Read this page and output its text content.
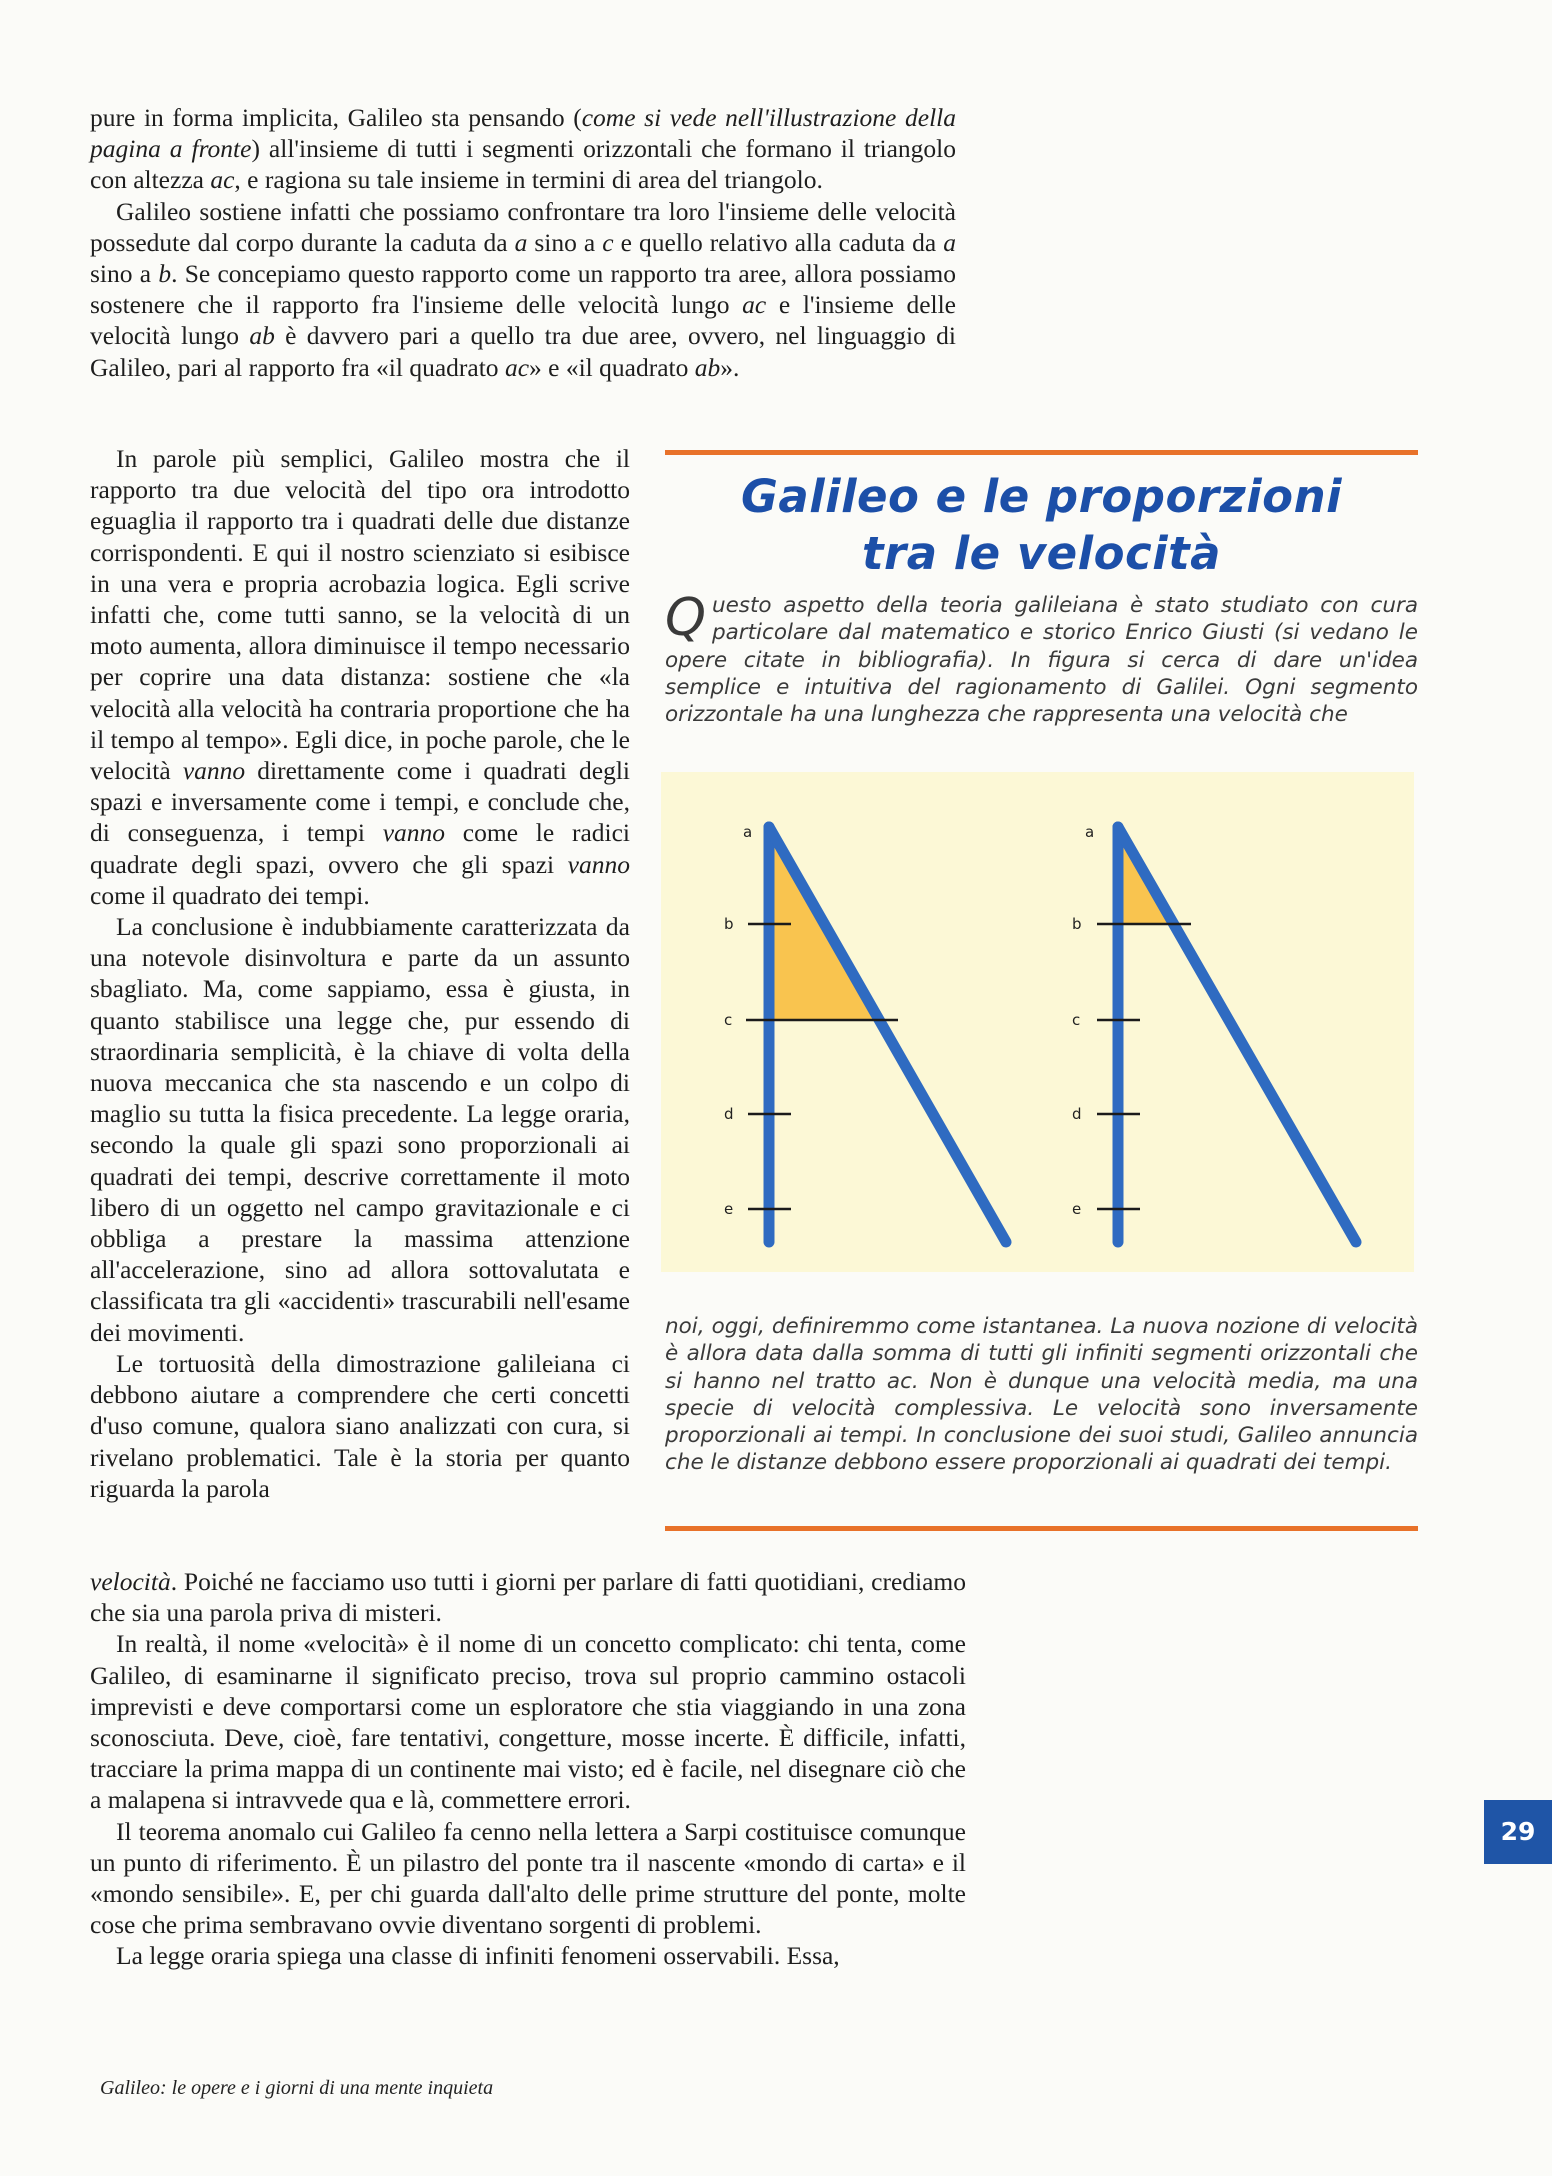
pure in forma implicita, Galileo sta pensando (come si vede nell'illustrazione della pagina a fronte) all'insieme di tutti i segmenti orizzontali che formano il triangolo con altezza ac, e ragiona su tale insieme in termini di area del triangolo.

Galileo sostiene infatti che possiamo confrontare tra loro l'insieme delle velocità possedute dal corpo durante la caduta da a sino a c e quello relativo alla caduta da a sino a b. Se concepiamo questo rapporto come un rapporto tra aree, allora possiamo sostenere che il rapporto fra l'insieme delle velocità lungo ac e l'insieme delle velocità lungo ab è davvero pari a quello tra due aree, ovvero, nel linguaggio di Galileo, pari al rapporto fra «il quadrato ac» e «il quadrato ab».

In parole più semplici, Galileo mostra che il rapporto tra due velocità del tipo ora introdotto eguaglia il rapporto tra i quadrati delle due distanze corrispondenti. E qui il nostro scienziato si esibisce in una vera e propria acrobazia logica. Egli scrive infatti che, come tutti sanno, se la velocità di un moto aumenta, allora diminuisce il tempo necessario per coprire una data distanza: sostiene che «la velocità alla velocità ha contraria proportione che ha il tempo al tempo». Egli dice, in poche parole, che le velocità vanno direttamente come i quadrati degli spazi e inversamente come i tempi, e conclude che, di conseguenza, i tempi vanno come le radici quadrate degli spazi, ovvero che gli spazi vanno come il quadrato dei tempi.

La conclusione è indubbiamente caratterizzata da una notevole disinvoltura e parte da un assunto sbagliato. Ma, come sappiamo, essa è giusta, in quanto stabilisce una legge che, pur essendo di straordinaria semplicità, è la chiave di volta della nuova meccanica che sta nascendo e un colpo di maglio su tutta la fisica precedente. La legge oraria, secondo la quale gli spazi sono proporzionali ai quadrati dei tempi, descrive correttamente il moto libero di un oggetto nel campo gravitazionale e ci obbliga a prestare la massima attenzione all'accelerazione, sino ad allora sottovalutata e classificata tra gli «accidenti» trascurabili nell'esame dei movimenti.

Le tortuosità della dimostrazione galileiana ci debbono aiutare a comprendere che certi concetti d'uso comune, qualora siano analizzati con cura, si rivelano problematici. Tale è la storia per quanto riguarda la parola

velocità. Poiché ne facciamo uso tutti i giorni per parlare di fatti quotidiani, crediamo che sia una parola priva di misteri.

In realtà, il nome «velocità» è il nome di un concetto complicato: chi tenta, come Galileo, di esaminarne il significato preciso, trova sul proprio cammino ostacoli imprevisti e deve comportarsi come un esploratore che stia viaggiando in una zona sconosciuta. Deve, cioè, fare tentativi, congetture, mosse incerte. È difficile, infatti, tracciare la prima mappa di un continente mai visto; ed è facile, nel disegnare ciò che a malapena si intravvede qua e là, commettere errori.

Il teorema anomalo cui Galileo fa cenno nella lettera a Sarpi costituisce comunque un punto di riferimento. È un pilastro del ponte tra il nascente «mondo di carta» e il «mondo sensibile». E, per chi guarda dall'alto delle prime strutture del ponte, molte cose che prima sembravano ovvie diventano sorgenti di problemi.

La legge oraria spiega una classe di infiniti fenomeni osservabili. Essa,

Galileo e le proporzioni
tra le velocità
Questo aspetto della teoria galileiana è stato studiato con cura particolare dal matematico e storico Enrico Giusti (si vedano le opere citate in bibliografia). In figura si cerca di dare un'idea semplice e intuitiva del ragionamento di Galilei. Ogni segmento orizzontale ha una lunghezza che rappresenta una velocità che
a
b
c
d
e
a
b
c
d
e
noi, oggi, definiremmo come istantanea. La nuova nozione di velocità è allora data dalla somma di tutti gli infiniti segmenti orizzontali che si hanno nel tratto ac. Non è dunque una velocità media, ma una specie di velocità complessiva. Le velocità sono inversamente proporzionali ai tempi. In conclusione dei suoi studi, Galileo annuncia che le distanze debbono essere proporzionali ai quadrati dei tempi.
Galileo: le opere e i giorni di una mente inquieta
29
